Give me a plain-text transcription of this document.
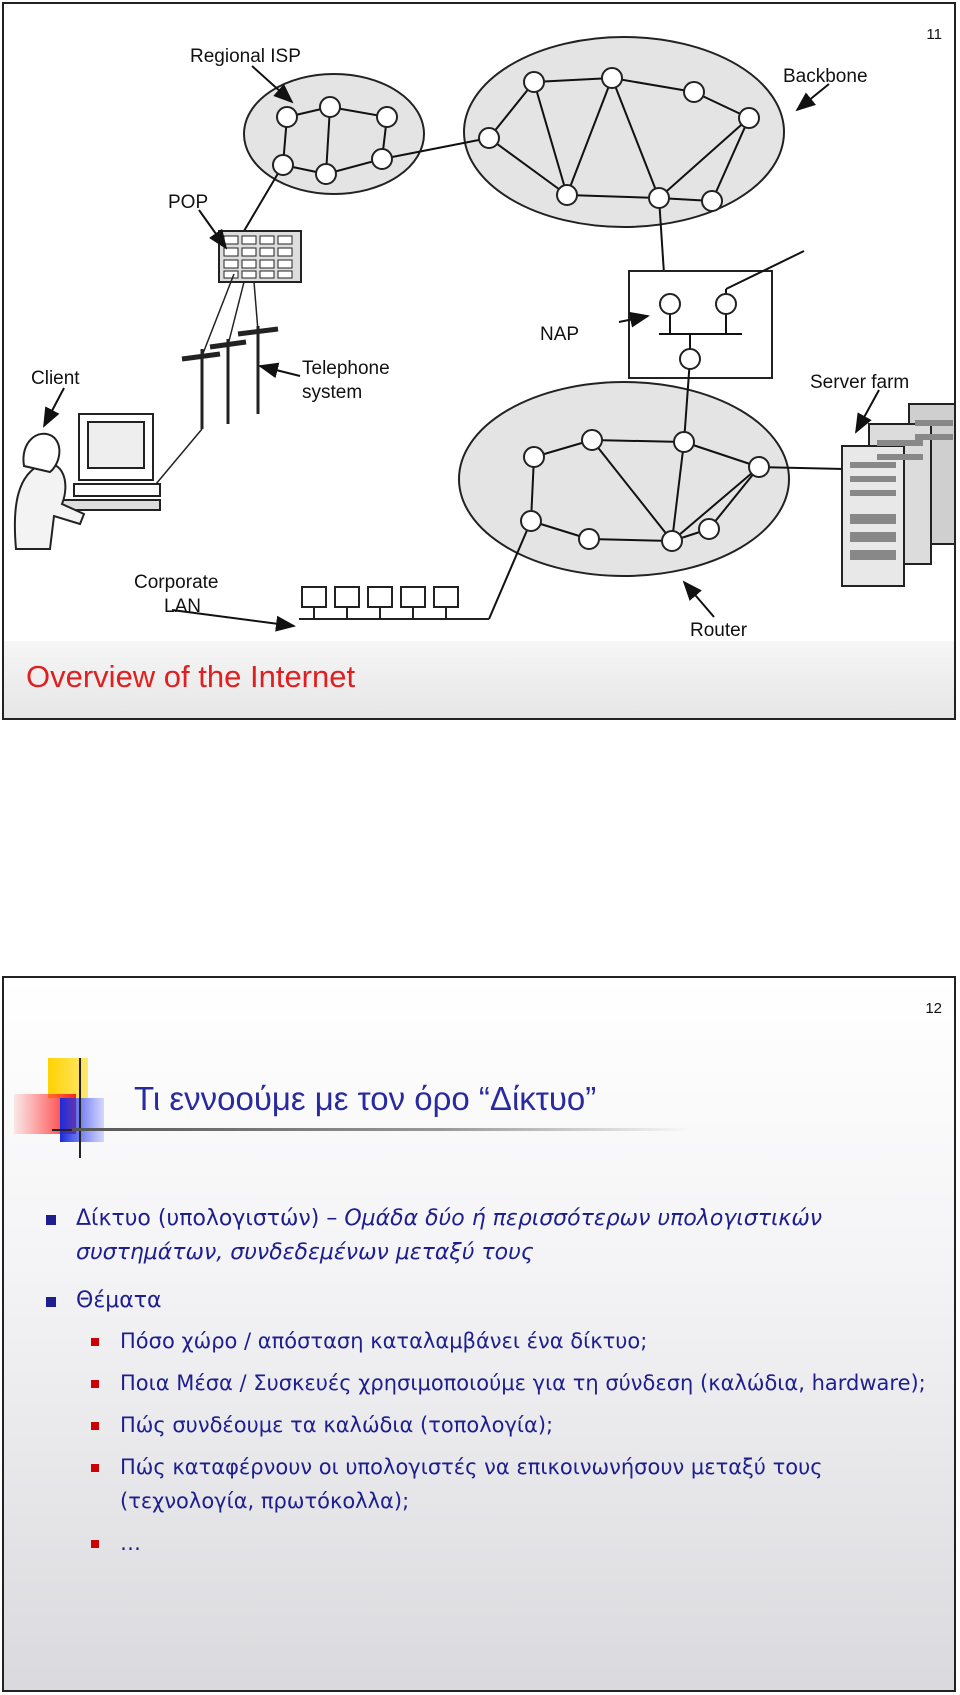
11
Regional ISP
Backbone
POP
NAP
Client	Telephone
system	Server farm
Corporate
LAN
Router
Overview of the Internet
12
Τι εννοούμε με τον όρο “Δίκτυο”
Δίκτυο (υπολογιστών) – Ομάδα δύο ή περισσότερων υπολογιστικών συστημάτων, συνδεδεμένων μεταξύ τους
Θέματα
Πόσο χώρο / απόσταση καταλαμβάνει ένα δίκτυο;
Ποια Μέσα / Συσκευές χρησιμοποιούμε για τη σύνδεση (καλώδια, hardware);
Πώς συνδέουμε τα καλώδια (τοπολογία);
Πώς καταφέρνουν οι υπολογιστές να επικοινωνήσουν μεταξύ τους (τεχνολογία, πρωτόκολλα);
…
